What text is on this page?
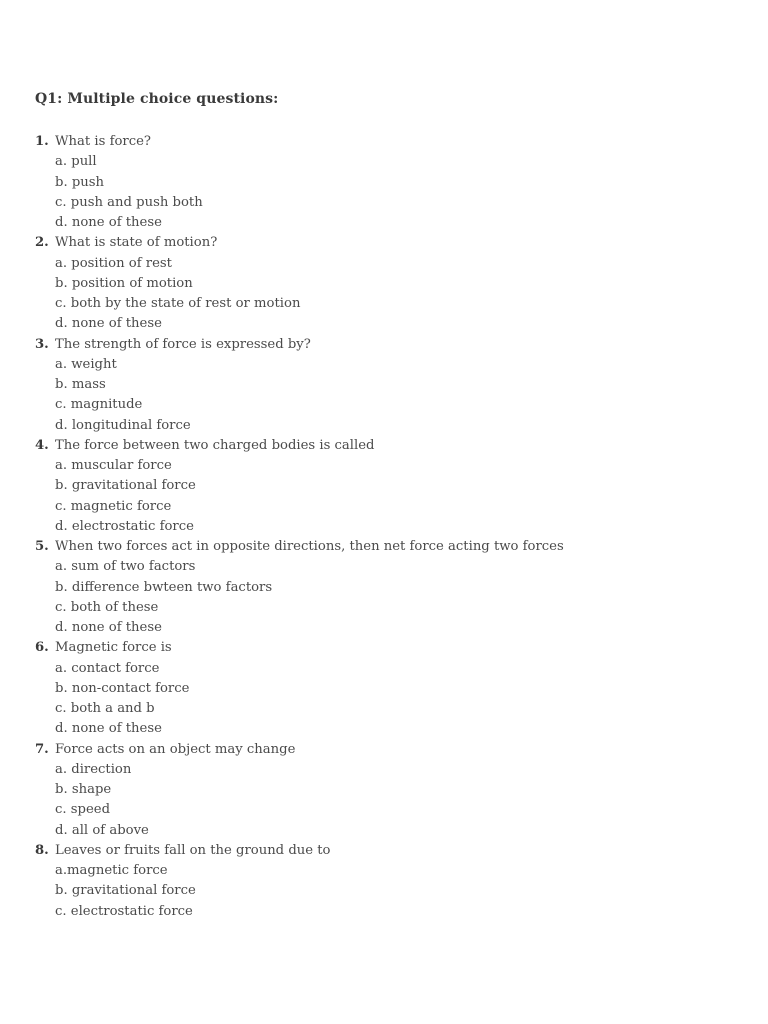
Q1: Multiple choice questions:
1. What is force?
a. pull
b. push
c. push and push both
d. none of these
2. What is state of motion?
a. position of rest
b. position of motion
c. both by the state of rest or motion
d. none of these
3. The strength of force is expressed by?
a. weight
b. mass
c. magnitude
d. longitudinal force
4. The force between two charged bodies is called
a. muscular force
b. gravitational force
c. magnetic force
d. electrostatic force
5. When two forces act in opposite directions, then net force acting two forces
a. sum of two factors
b. difference bwteen two factors
c. both of these
d. none of these
6. Magnetic force is
a. contact force
b. non-contact force
c. both a and b
d. none of these
7. Force acts on an object may change
a. direction
b. shape
c. speed
d. all of above
8. Leaves or fruits fall on the ground due to
a.magnetic force
b. gravitational force
c. electrostatic force
